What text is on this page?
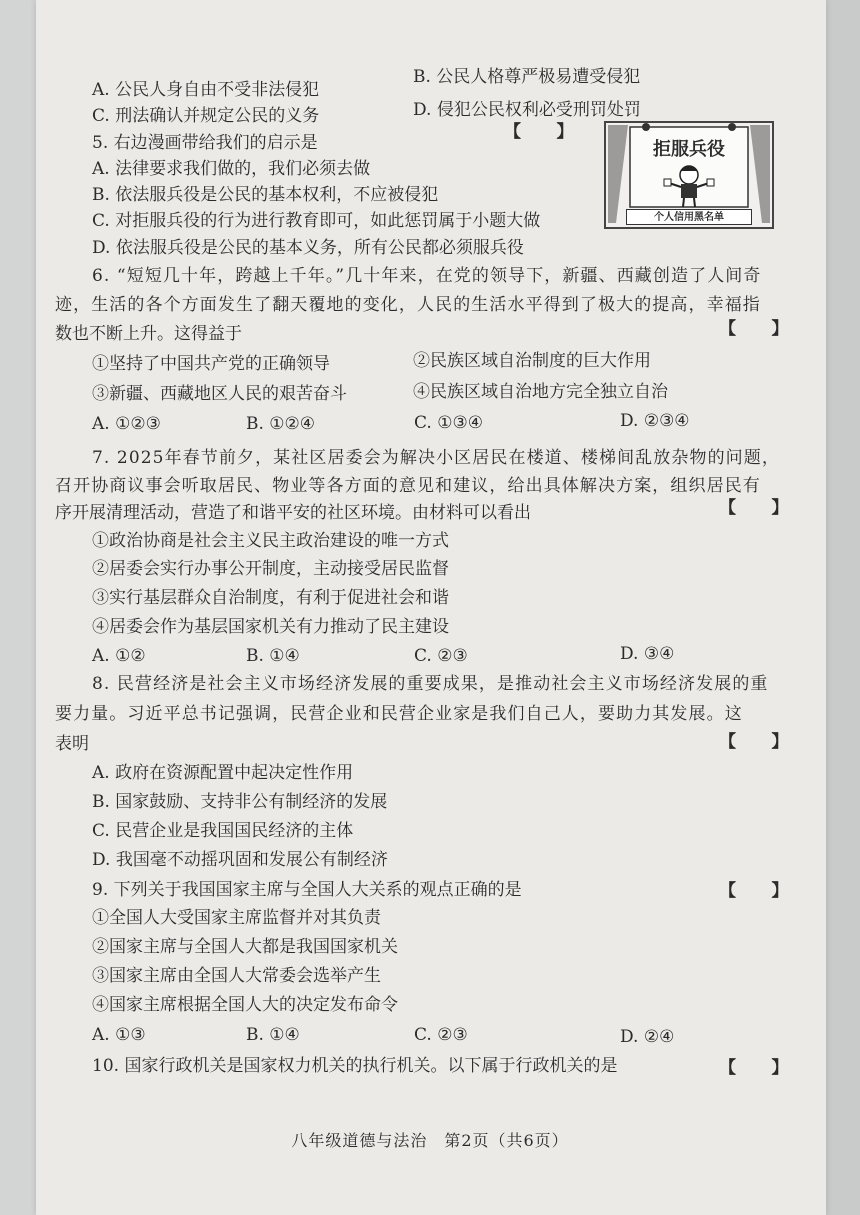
A. 公民人身自由不受非法侵犯
B. 公民人格尊严极易遭受侵犯
C. 刑法确认并规定公民的义务	D. 侵犯公民权利必受刑罚处罚
5. 右边漫画带给我们的启示是
【      】
A. 法律要求我们做的，我们必须去做
B. 依法服兵役是公民的基本权利，不应被侵犯
C. 对拒服兵役的行为进行教育即可，如此惩罚属于小题大做
D. 依法服兵役是公民的基本义务，所有公民都必须服兵役
拒服兵役
个人信用黑名单
6. “短短几十年，跨越上千年。”几十年来，在党的领导下，新疆、西藏创造了人间奇
迹，生活的各个方面发生了翻天覆地的变化，人民的生活水平得到了极大的提高，幸福指
数也不断上升。这得益于	【      】
①坚持了中国共产党的正确领导	②民族区域自治制度的巨大作用
③新疆、西藏地区人民的艰苦奋斗	④民族区域自治地方完全独立自治
A. ①②③	B. ①②④	C. ①③④	D. ②③④
7. 2025年春节前夕，某社区居委会为解决小区居民在楼道、楼梯间乱放杂物的问题，
召开协商议事会听取居民、物业等各方面的意见和建议，给出具体解决方案，组织居民有
序开展清理活动，营造了和谐平安的社区环境。由材料可以看出	【      】
①政治协商是社会主义民主政治建设的唯一方式
②居委会实行办事公开制度，主动接受居民监督
③实行基层群众自治制度，有利于促进社会和谐
④居委会作为基层国家机关有力推动了民主建设
A. ①②	B. ①④	C. ②③	D. ③④
8. 民营经济是社会主义市场经济发展的重要成果，是推动社会主义市场经济发展的重
要力量。习近平总书记强调，民营企业和民营企业家是我们自己人，要助力其发展。这
表明	【      】
A. 政府在资源配置中起决定性作用
B. 国家鼓励、支持非公有制经济的发展
C. 民营企业是我国国民经济的主体
D. 我国毫不动摇巩固和发展公有制经济
9. 下列关于我国国家主席与全国人大关系的观点正确的是	【      】
①全国人大受国家主席监督并对其负责
②国家主席与全国人大都是我国国家机关
③国家主席由全国人大常委会选举产生
④国家主席根据全国人大的决定发布命令
A. ①③	B. ①④	C. ②③	D. ②④
10. 国家行政机关是国家权力机关的执行机关。以下属于行政机关的是	【      】
八年级道德与法治　第2页（共6页）
